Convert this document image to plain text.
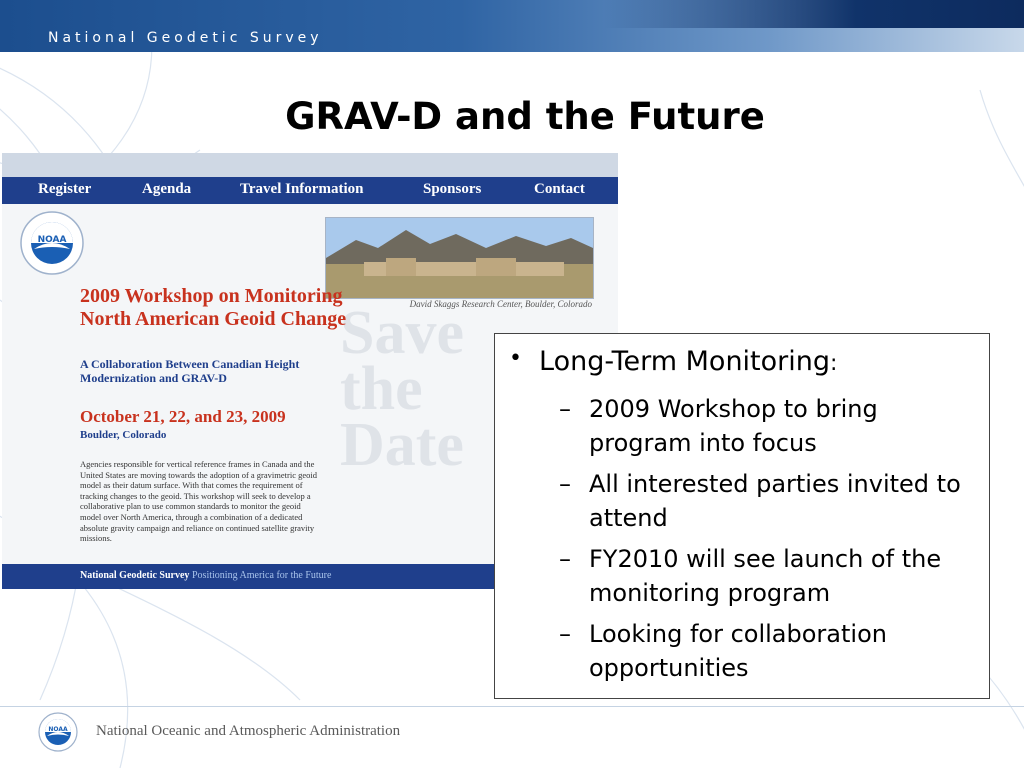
National Geodetic Survey
GRAV-D and the Future
Register	Agenda	Travel Information	Sponsors	Contact
NOAA
David Skaggs Research Center, Boulder, Colorado
Save
the
Date
2009 Workshop on Monitoring North American Geoid Change
A Collaboration Between Canadian Height Modernization and GRAV-D
October 21, 22, and 23, 2009
Boulder, Colorado
Agencies responsible for vertical reference frames in Canada and the United States are moving towards the adoption of a gravimetric geoid model as their datum surface. With that comes the requirement of tracking changes to the geoid. This workshop will seek to develop a collaborative plan to use common standards to monitor the geoid model over North America, through a combination of a dedicated absolute gravity campaign and reliance on continued satellite gravity missions.
National Geodetic Survey Positioning America for the Future
• Long-Term Monitoring:
– 2009 Workshop to bring program into focus
– All interested parties invited to attend
– FY2010 will see launch of the monitoring program
– Looking for collaboration opportunities
NOAA National Oceanic and Atmospheric Administration
